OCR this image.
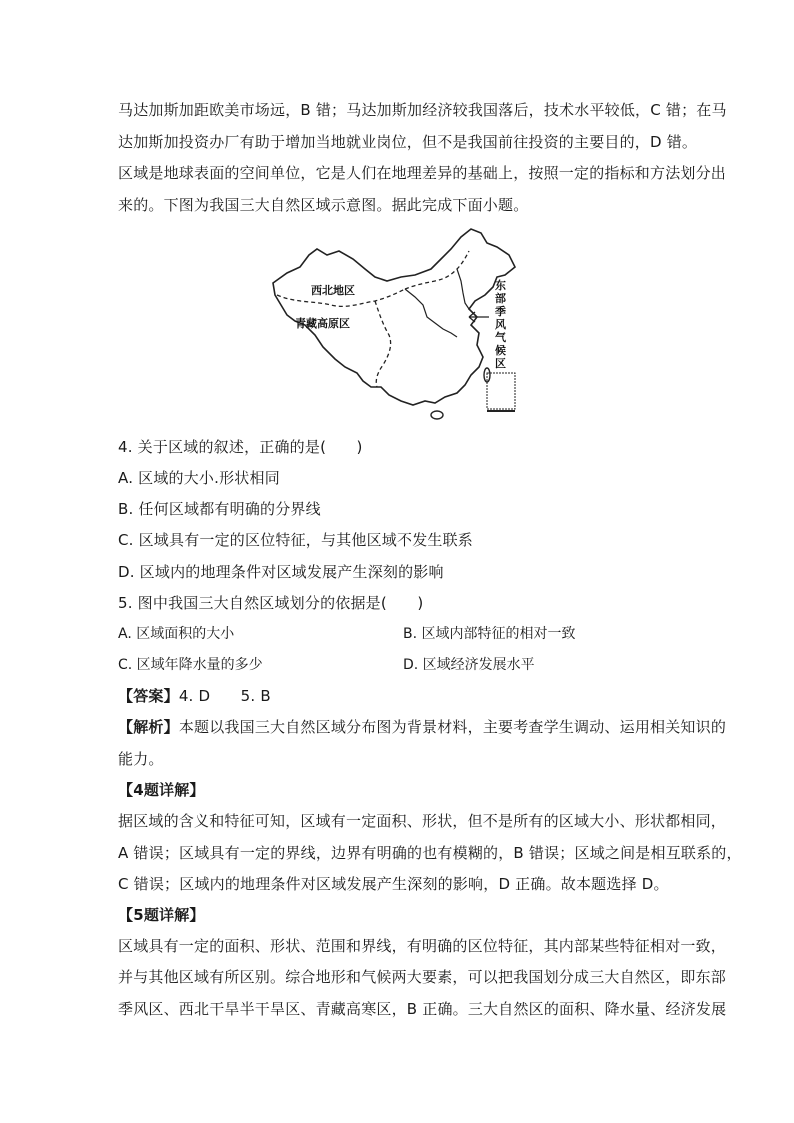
马达加斯加距欧美市场远，B 错；马达加斯加经济较我国落后，技术水平较低，C 错；在马
达加斯加投资办厂有助于增加当地就业岗位，但不是我国前往投资的主要目的，D 错。
区域是地球表面的空间单位，它是人们在地理差异的基础上，按照一定的指标和方法划分出
来的。下图为我国三大自然区域示意图。据此完成下面小题。
西北地区
青藏高原区
东部季风气候区
4. 关于区域的叙述，正确的是(　　)
A. 区域的大小.形状相同
B. 任何区域都有明确的分界线
C. 区域具有一定的区位特征，与其他区域不发生联系
D. 区域内的地理条件对区域发展产生深刻的影响
5. 图中我国三大自然区域划分的依据是(　　)
A. 区域面积的大小	B. 区域内部特征的相对一致
C. 区域年降水量的多少	D. 区域经济发展水平
【答案】4. D　　5. B
【解析】本题以我国三大自然区域分布图为背景材料，主要考查学生调动、运用相关知识的
能力。
【4题详解】
据区域的含义和特征可知，区域有一定面积、形状，但不是所有的区域大小、形状都相同，
A 错误；区域具有一定的界线，边界有明确的也有模糊的，B 错误；区域之间是相互联系的，
C 错误；区域内的地理条件对区域发展产生深刻的影响，D 正确。故本题选择 D。
【5题详解】
区域具有一定的面积、形状、范围和界线，有明确的区位特征，其内部某些特征相对一致，
并与其他区域有所区别。综合地形和气候两大要素，可以把我国划分成三大自然区，即东部
季风区、西北干旱半干旱区、青藏高寒区，B 正确。三大自然区的面积、降水量、经济发展
